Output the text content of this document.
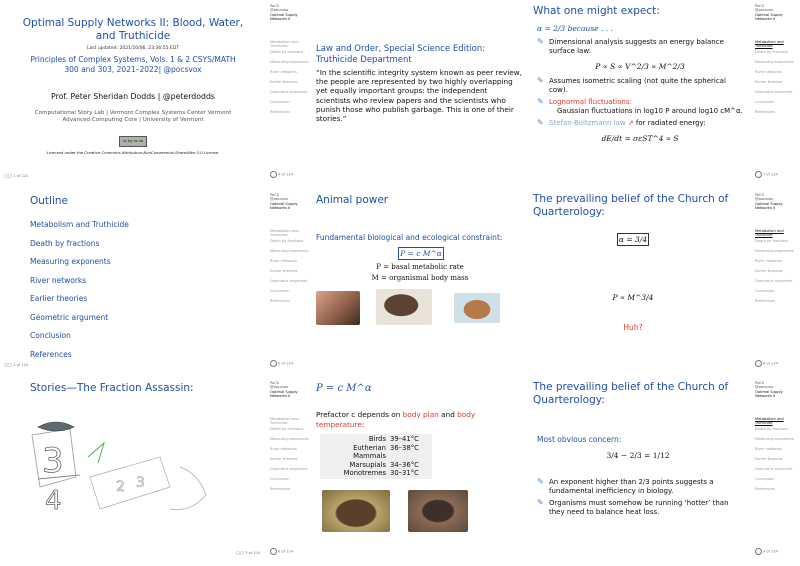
Optimal Supply Networks II: Blood, Water, and Truthicide
Last updated: 2021/10/06, 23:36:55 EDT
Principles of Complex Systems, Vols. 1 & 2 CSYS/MATH 300 and 303, 2021–2022| @pocsvox
Prof. Peter Sheridan Dodds | @peterdodds
Computational Story Lab | Vermont Complex Systems Center Vermont Advanced Computing Core | University of Vermont
cc by nc sa
Licensed under the Creative Commons Attribution-NonCommercial-ShareAlike 3.0 License.
◯◯ 1 of 124
Outline
Metabolism and Truthicide
Death by fractions
Measuring exponents
River networks
Earlier theories
Geometric argument
Conclusion
References
◯◯ 2 of 124
Stories—The Fraction Assassin:
3
4	2 3
◯◯ 3 of 124
PoCS
@pocsvox
Optimal Supply Networks II
Metabolism and Truthicide
Death by fractions
Measuring exponents
River networks
Earlier theories
Geometric argument
Conclusion
References
4 of 124
Law and Order, Special Science Edition: Truthicide Department
“In the scientific integrity system known as peer review, the people are represented by two highly overlapping yet equally important groups: the independent scientists who review papers and the scientists who punish those who publish garbage. This is one of their stories.”
PoCS
@pocsvox
Optimal Supply Networks II
Metabolism and Truthicide
Death by fractions
Measuring exponents
River networks
Earlier theories
Geometric argument
Conclusion
References
5 of 124
Animal power
Fundamental biological and ecological constraint:
P = c M^α
P = basal metabolic rate
M = organismal body mass
PoCS
@pocsvox
Optimal Supply Networks II
Metabolism and Truthicide
Death by fractions
Measuring exponents
River networks
Earlier theories
Geometric argument
Conclusion
References
6 of 124
P = c M^α
Prefactor c depends on body plan and body temperature:
Birds 39–41°C
Eutherian Mammals
36–38°C
Marsupials 34–36°C
Monotremes 30–31°C
PoCS
@pocsvox
Optimal Supply Networks II
Metabolism and Truthicide
Death by fractions
Measuring exponents
River networks
Earlier theories
Geometric argument
Conclusion
References
7 of 124
What one might expect:
α = 2/3 because . . .
✎ Dimensional analysis suggests an energy balance surface law:
P ∝ S ∝ V^2/3 ∝ M^2/3
✎ Assumes isometric scaling (not quite the spherical cow).
✎ Lognormal fluctuations:
Gaussian fluctuations in log10 P around log10 cM^α.
✎ Stefan-Boltzmann law ↗ for radiated energy:
dE/dt = σεST^4 ∝ S
PoCS
@pocsvox
Optimal Supply Networks II
Metabolism and Truthicide
Death by fractions
Measuring exponents
River networks
Earlier theories
Geometric argument
Conclusion
References
8 of 124
The prevailing belief of the Church of Quarterology:
α = 3/4
P ∝ M^3/4
Huh?
PoCS
@pocsvox
Optimal Supply Networks II
Metabolism and Truthicide
Death by fractions
Measuring exponents
River networks
Earlier theories
Geometric argument
Conclusion
References
9 of 124
The prevailing belief of the Church of Quarterology:
Most obvious concern:
3/4 − 2/3 = 1/12
✎ An exponent higher than 2/3 points suggests a fundamental inefficiency in biology.
✎ Organisms must somehow be running ‘hotter’ than they need to balance heat loss.
